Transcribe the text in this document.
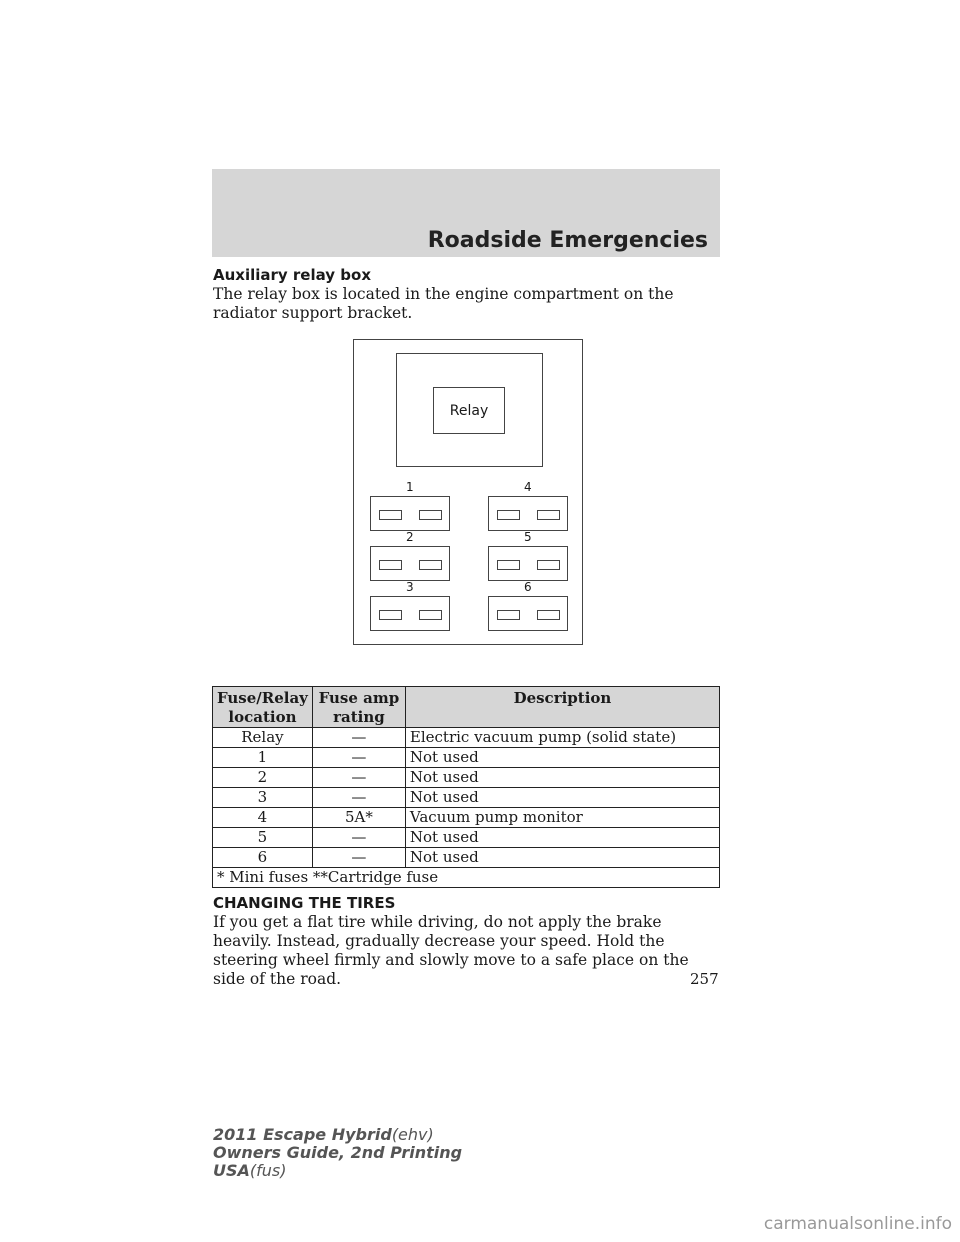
Roadside Emergencies
Auxiliary relay box
The relay box is located in the engine compartment on the radiator support bracket.
Relay
1
2
3
4
5
6
Fuse/Relay location	Fuse amp rating	Description
Relay	—	Electric vacuum pump (solid state)
1	—	Not used
2	—	Not used
3	—	Not used
4	5A*	Vacuum pump monitor
5	—	Not used
6	—	Not used
* Mini fuses **Cartridge fuse		
CHANGING THE TIRES
If you get a flat tire while driving, do not apply the brake heavily. Instead, gradually decrease your speed. Hold the steering wheel firmly and slowly move to a safe place on the side of the road.	257
2011 Escape Hybrid(ehv)
Owners Guide, 2nd Printing
USA(fus)
carmanualsonline.info
